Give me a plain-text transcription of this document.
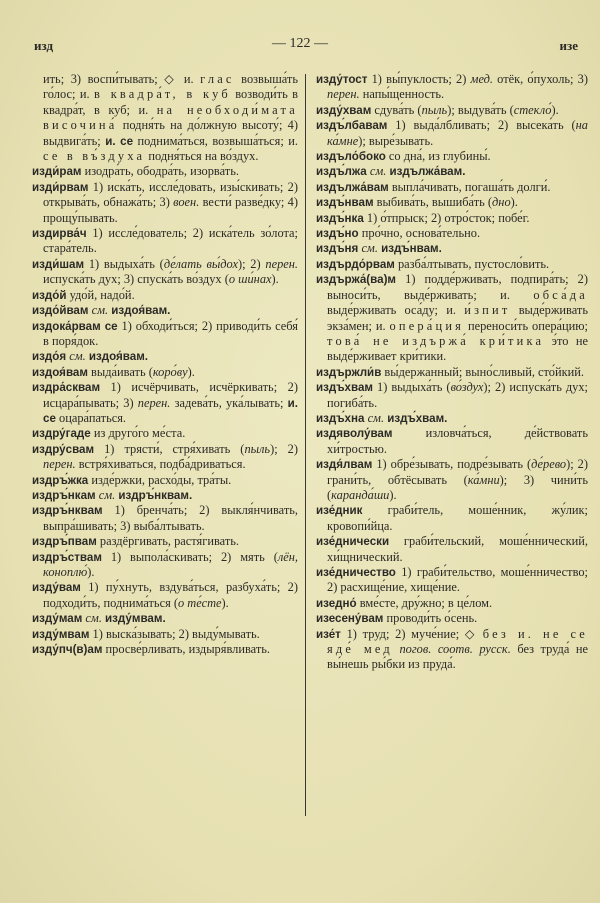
изд	— 122 —	изе

ить; 3) воспи́тывать; ◇ и. глас возвыша́ть го́лос; и. в квадра́т, в куб возводи́ть в квадра́т, в куб; и. на необходи́мата височина́ подня́ть на до́лжную высоту́; 4) выдвига́ть; и. се поднима́ться, возвыша́ться; и. се в въ́здуха подня́ться на во́здух.

изди́рам изодра́ть, ободра́ть, изорва́ть.

изди́рвам 1) иска́ть, иссле́довать, изы́скивать; 2) открыва́ть, обнажа́ть; 3) воен. вести́ разве́дку; 4) прощу́пывать.

издирва́ч 1) иссле́дователь; 2) иска́тель зо́лота; стара́тель.

изди́шам 1) выдыха́ть (де́лать вы́дох); 2) перен. испуска́ть дух; 3) спуска́ть во́здух (о ши́нах).

издо́й удо́й, надо́й.

издо́йвам см. издоя́вам.

издока́рвам се 1) обходи́ться; 2) приводи́ть себя́ в поря́док.

издо́я см. издоя́вам.

издоя́вам выда́ивать (коро́ву).

издра́сквам 1) исчёрчивать, исчёркивать; 2) исцара́пывать; 3) перен. задева́ть, ука́лывать; и. се оцара́паться.

издру́гаде из друго́го ме́ста.

издру́свам 1) трясти́, стря́хивать (пыль); 2) перен. встря́хиваться, подба́дриваться.

издръ́жка изде́ржки, расхо́ды, тра́ты.

издръ́нкам см. издръ́нквам.

издръ́нквам 1) бренча́ть; 2) выкля́нчивать, выпра́шивать; 3) выба́лтывать.

издръ́пвам раздёргивать, растя́гивать.

издръ́ствам 1) выпола́скивать; 2) мять (лён, коноплю́).

изду́вам 1) пу́хнуть, вздува́ться, разбуха́ть; 2) подходи́ть, поднима́ться (о те́сте).

изду́мам см. изду́мвам.

изду́мвам 1) выска́зывать; 2) выду́мывать.

изду́пч(в)ам просве́рливать, издыря́вливать.

изду́тост 1) вы́пуклость; 2) мед. отёк, о́пухоль; 3) перен. напы́щенность.

изду́хвам сдува́ть (пыль); выдува́ть (стекло́).

издъ́лбавам 1) выда́лбливать; 2) высека́ть (на ка́мне); выре́зывать.

издъло́боко со дна́, из глубины́.

издъ́лжа см. издължа́вам.

издължа́вам выпла́чивать, погаша́ть долги́.

издъ́нвам выбива́ть, вышиба́ть (дно).

издъ́нка 1) о́тпрыск; 2) отро́сток; побе́г.

издъ́но про́чно, основа́тельно.

издъ́ня см. издъ́нвам.

издърдо́рвам разба́лтывать, пустосло́вить.

издържа́(ва)м 1) подде́рживать, подпира́ть; 2) выноси́ть, выде́рживать; и. обса́да выде́рживать оса́ду; и. и́зпит выде́рживать экза́мен; и. опера́ция переноси́ть опера́цию; това́ не издържа́ кри́тика э́то не выде́рживает кри́тики.

издържли́в вы́держанный; выно́сливый, сто́йкий.

издъ́хвам 1) выдыха́ть (во́здух); 2) испуска́ть дух; погиба́ть.

издъ́хна см. издъ́хвам.

издяволу́вам изловча́ться, де́йствовать хи́тростью.

издя́лвам 1) обре́зывать, подре́зывать (де́рево); 2) грани́ть, обтёсывать (ка́мни); 3) чини́ть (каранда́ши).

изе́дник граби́тель, моше́нник, жу́лик; кровопи́йца.

изе́днически граби́тельский, моше́ннический, хи́щнический.

изе́дничество 1) граби́тельство, моше́нничество; 2) расхище́ние, хище́ние.

изедно́ вме́сте, дру́жно; в це́лом.

изесену́вам проводи́ть о́сень.

изе́т 1) труд; 2) муче́ние; ◇ без и. не се яде́ мед погов. соотв. русск. без труда́ не вы́нешь ры́бки из пруда́.
